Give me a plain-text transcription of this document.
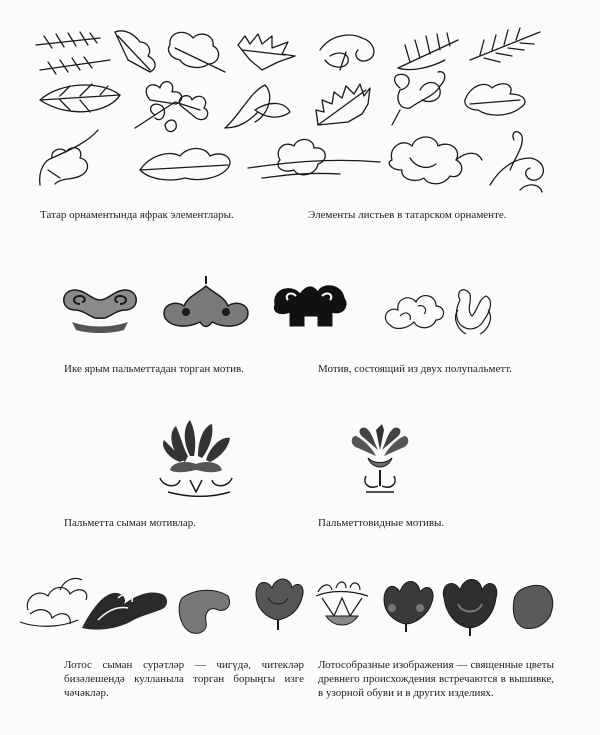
Татар орнаментында яфрак элементлары.	Элементы листьев в татарском орнаменте.
Ике ярым пальметтадан торган мотив.	Мотив, состоящий из двух полупальметт.
Пальметта сыман мотивлар.	Пальметтовидные мотивы.
Лотос сыман сурәтләр — чигүдә, читекләр бизәлешендә кулланыла торган борыңгы изге чәчәкләр.
Лотособразные изображения — священные цветы древнего происхождения встречаются в вышивке, в узорной обуви и в других изделиях.
